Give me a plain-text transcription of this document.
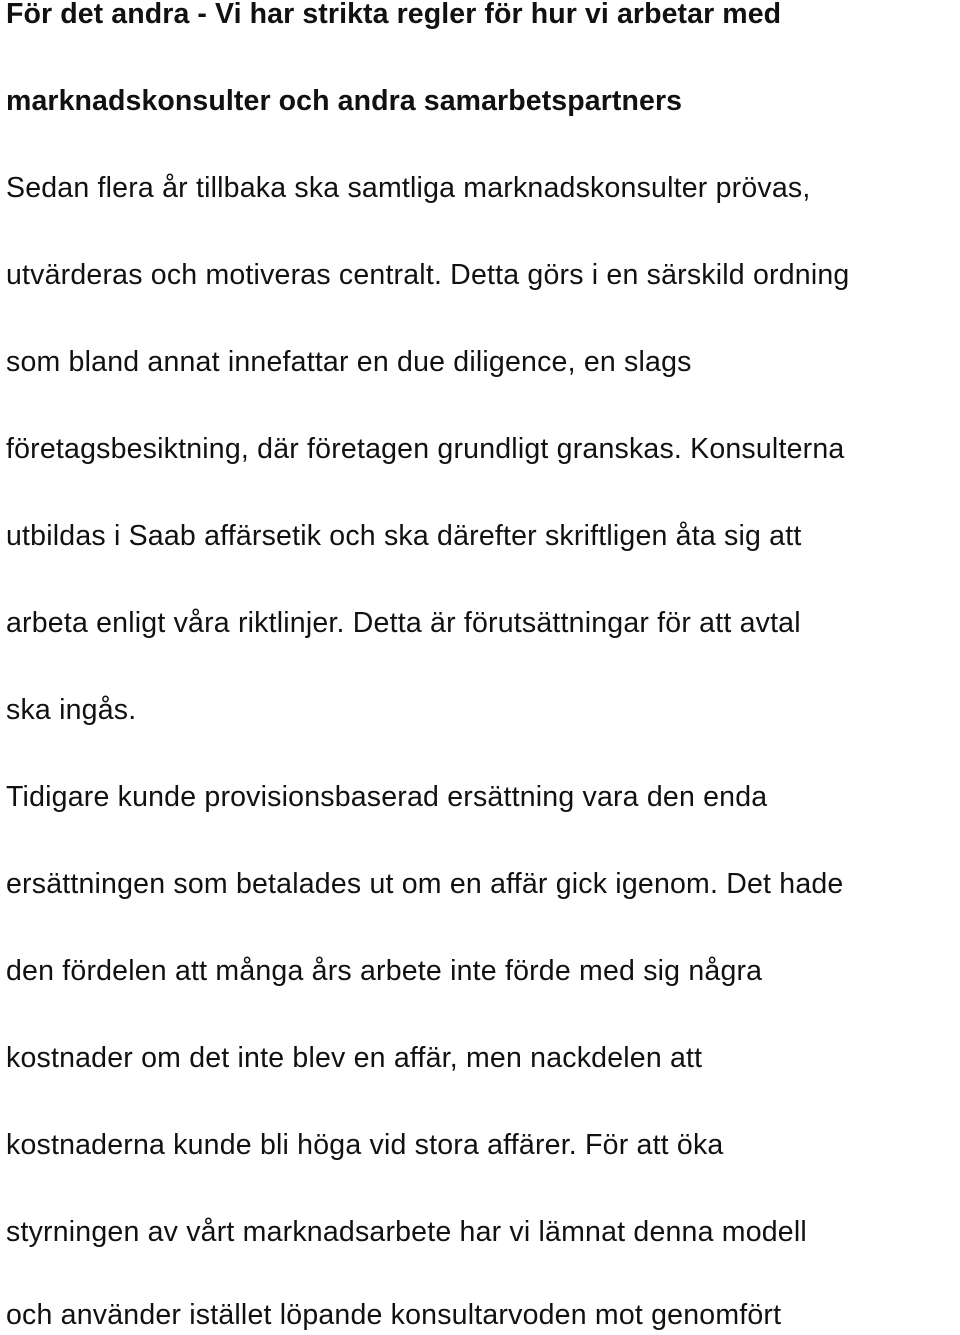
För det andra - Vi har strikta regler för hur vi arbetar med
marknadskonsulter och andra samarbetspartners
Sedan flera år tillbaka ska samtliga marknadskonsulter prövas,
utvärderas och motiveras centralt. Detta görs i en särskild ordning
som bland annat innefattar en due diligence, en slags
företagsbesiktning, där företagen grundligt granskas. Konsulterna
utbildas i Saab affärsetik och ska därefter skriftligen åta sig att
arbeta enligt våra riktlinjer. Detta är förutsättningar för att avtal
ska ingås.
Tidigare kunde provisionsbaserad ersättning vara den enda
ersättningen som betalades ut om en affär gick igenom. Det hade
den fördelen att många års arbete inte förde med sig några
kostnader om det inte blev en affär, men nackdelen att
kostnaderna kunde bli höga vid stora affärer. För att öka
styrningen av vårt marknadsarbete har vi lämnat denna modell
och använder istället löpande konsultarvoden mot genomfört
